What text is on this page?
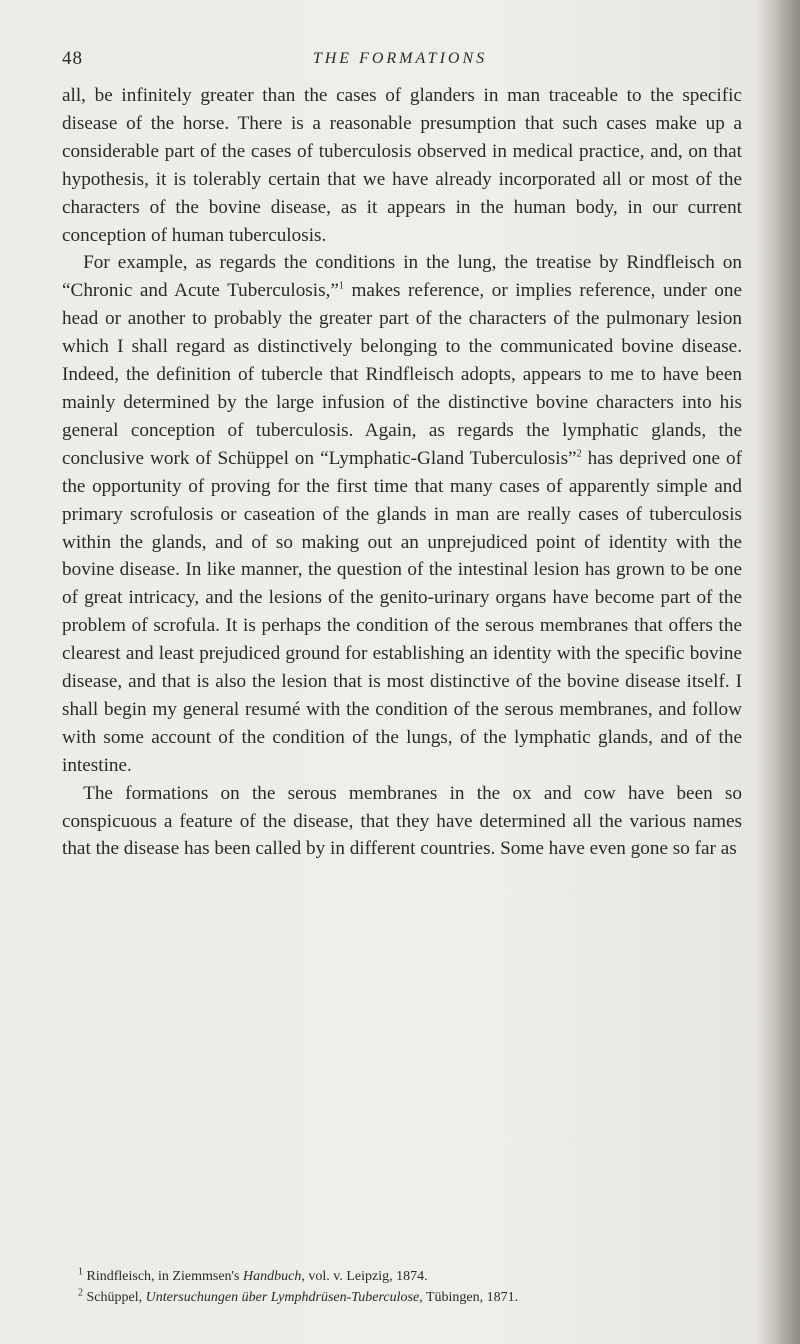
48	THE FORMATIONS

all, be infinitely greater than the cases of glanders in man traceable to the specific disease of the horse. There is a reasonable presumption that such cases make up a considerable part of the cases of tuberculosis observed in medical practice, and, on that hypothesis, it is tolerably certain that we have already incorporated all or most of the characters of the bovine disease, as it appears in the human body, in our current conception of human tuberculosis.

For example, as regards the conditions in the lung, the treatise by Rindfleisch on “Chronic and Acute Tuberculosis,”$^1$ makes reference, or implies reference, under one head or another to probably the greater part of the characters of the pulmonary lesion which I shall regard as distinctively belonging to the communicated bovine disease. Indeed, the definition of tubercle that Rindfleisch adopts, appears to me to have been mainly determined by the large infusion of the distinctive bovine characters into his general conception of tuberculosis. Again, as regards the lymphatic glands, the conclusive work of Schüppel on “Lymphatic-Gland Tuberculosis”$^2$ has deprived one of the opportunity of proving for the first time that many cases of apparently simple and primary scrofulosis or caseation of the glands in man are really cases of tuberculosis within the glands, and of so making out an unprejudiced point of identity with the bovine disease. In like manner, the question of the intestinal lesion has grown to be one of great intricacy, and the lesions of the genito-urinary organs have become part of the problem of scrofula. It is perhaps the condition of the serous membranes that offers the clearest and least prejudiced ground for establishing an identity with the specific bovine disease, and that is also the lesion that is most distinctive of the bovine disease itself. I shall begin my general resumé with the condition of the serous membranes, and follow with some account of the condition of the lungs, of the lymphatic glands, and of the intestine.

The formations on the serous membranes in the ox and cow have been so conspicuous a feature of the disease, that they have determined all the various names that the disease has been called by in different countries. Some have even gone so far as

$^1$ Rindfleisch, in Ziemmsen's Handbuch, vol. v. Leipzig, 1874.

$^2$ Schüppel, Untersuchungen über Lymphdrüsen-Tuberculose, Tübingen, 1871.
